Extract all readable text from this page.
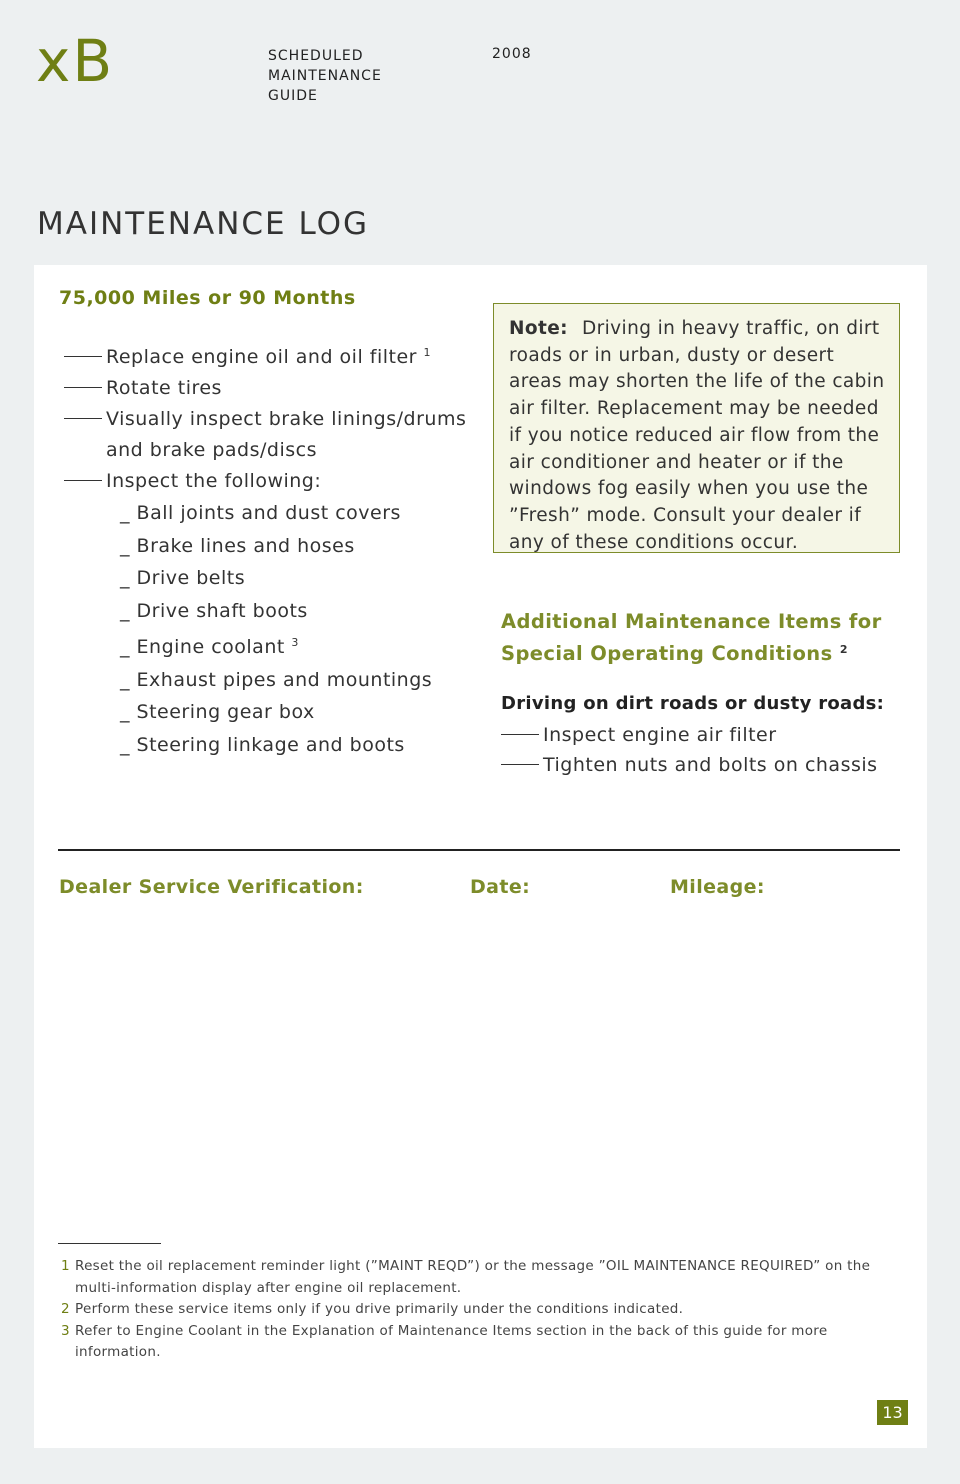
xB	SCHEDULED
MAINTENANCE
GUIDE
2008
MAINTENANCE LOG
75,000 Miles or 90 Months
Replace engine oil and oil filter $^1$
Rotate tires
Visually inspect brake linings/drums
and brake pads/discs
Inspect the following:
_ Ball joints and dust covers
_ Brake lines and hoses
_ Drive belts
_ Drive shaft boots
_ Engine coolant $^3$
_ Exhaust pipes and mountings
_ Steering gear box
_ Steering linkage and boots
Note: Driving in heavy traffic, on dirt roads or in urban, dusty or desert areas may shorten the life of the cabin air filter. Replacement may be needed if you notice reduced air flow from the air conditioner and heater or if the windows fog easily when you use the ”Fresh” mode. Consult your dealer if any of these conditions occur.
Additional Maintenance Items for
Special Operating Conditions $^2$
Driving on dirt roads or dusty roads:
Inspect engine air filter
Tighten nuts and bolts on chassis
Dealer Service Verification:	Date:	Mileage:
1 Reset the oil replacement reminder light (”MAINT REQD”) or the message ”OIL MAINTENANCE REQUIRED” on the multi-information display after engine oil replacement.
2 Perform these service items only if you drive primarily under the conditions indicated.
3 Refer to Engine Coolant in the Explanation of Maintenance Items section in the back of this guide for more information.
13
